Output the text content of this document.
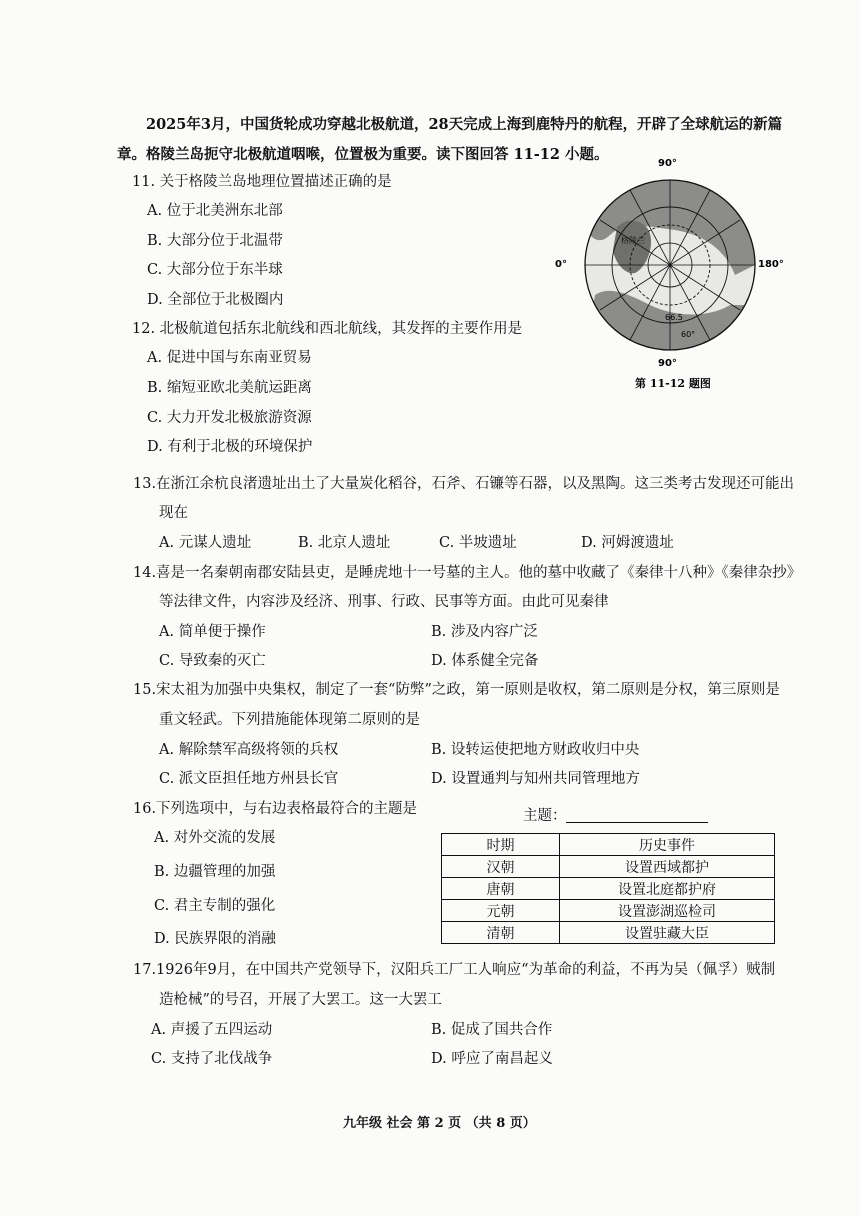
2025年3月，中国货轮成功穿越北极航道，28天完成上海到鹿特丹的航程，开辟了全球航运的新篇
章。格陵兰岛扼守北极航道咽喉，位置极为重要。读下图回答 11-12 小题。
11. 关于格陵兰岛地理位置描述正确的是
A. 位于北美洲东北部
B. 大部分位于北温带
C. 大部分位于东半球
D. 全部位于北极圈内
12. 北极航道包括东北航线和西北航线，其发挥的主要作用是
A. 促进中国与东南亚贸易
B. 缩短亚欧北美航运距离
C. 大力开发北极旅游资源
D. 有利于北极的环境保护
90°
0°	180°
90°
格陵兰
66.5
60°
第 11-12 题图
13.在浙江余杭良渚遗址出土了大量炭化稻谷，石斧、石镰等石器，以及黑陶。这三类考古发现还可能出
现在
A. 元谋人遗址	B. 北京人遗址	C. 半坡遗址	D. 河姆渡遗址
14.喜是一名秦朝南郡安陆县吏，是睡虎地十一号墓的主人。他的墓中收藏了《秦律十八种》《秦律杂抄》
等法律文件，内容涉及经济、刑事、行政、民事等方面。由此可见秦律
A. 简单便于操作	B. 涉及内容广泛
C. 导致秦的灭亡	D. 体系健全完备
15.宋太祖为加强中央集权，制定了一套“防弊”之政，第一原则是收权，第二原则是分权，第三原则是
重文轻武。下列措施能体现第二原则的是
A. 解除禁军高级将领的兵权	B. 设转运使把地方财政收归中央
C. 派文臣担任地方州县长官	D. 设置通判与知州共同管理地方
16.下列选项中，与右边表格最符合的主题是	主题：
A. 对外交流的发展
B. 边疆管理的加强
C. 君主专制的强化
D. 民族界限的消融
时期	历史事件
汉朝	设置西域都护
唐朝	设置北庭都护府
元朝	设置澎湖巡检司
清朝	设置驻藏大臣
17.1926年9月，在中国共产党领导下，汉阳兵工厂工人响应“为革命的利益，不再为吴（佩孚）贼制
造枪械”的号召，开展了大罢工。这一大罢工
A. 声援了五四运动	B. 促成了国共合作
C. 支持了北伐战争	D. 呼应了南昌起义
九年级 社会 第 2 页 （共 8 页）
